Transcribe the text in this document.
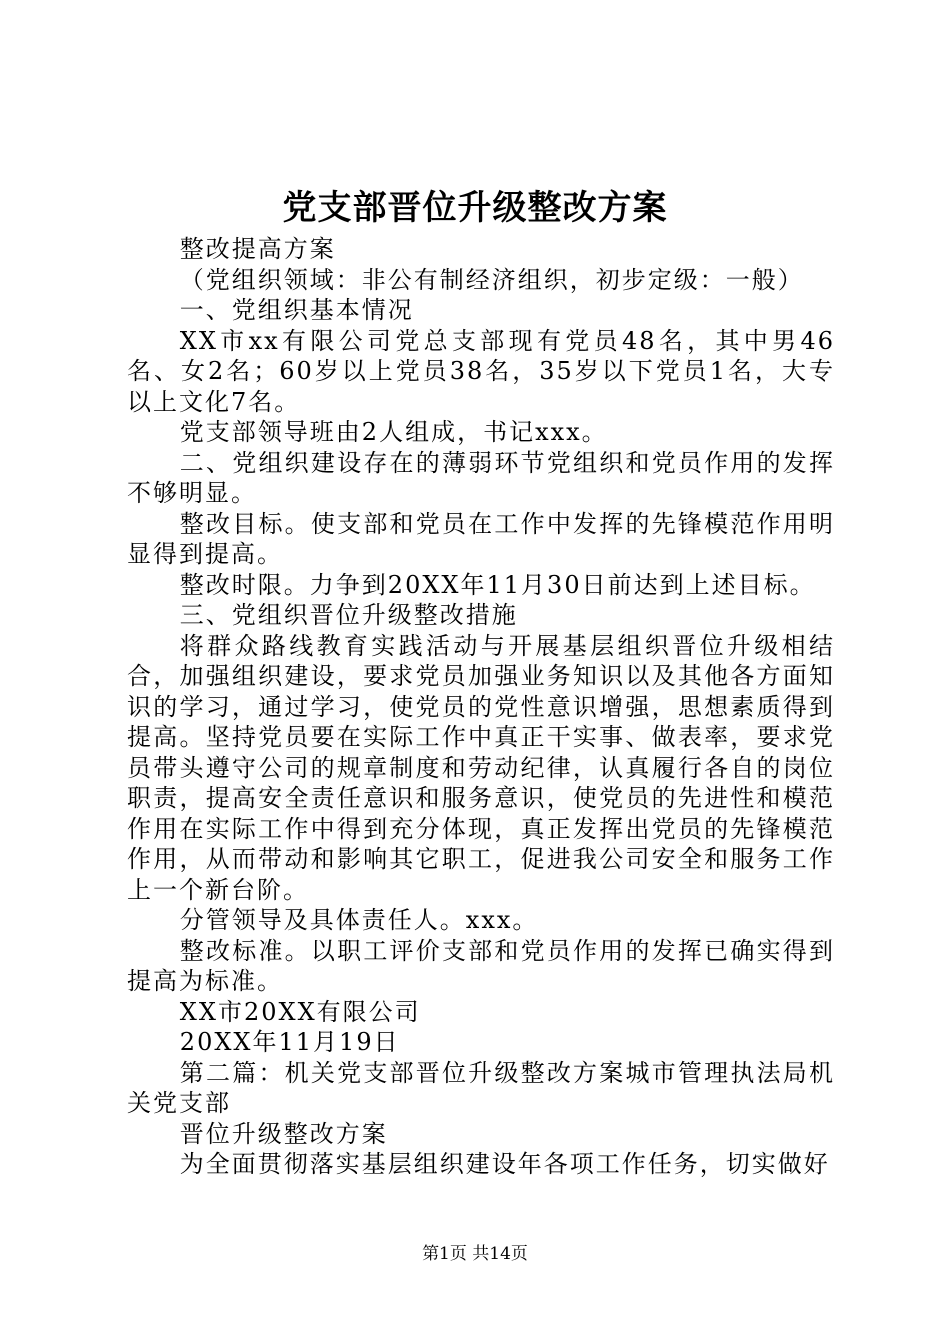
党支部晋位升级整改方案

整改提高方案

（党组织领域：非公有制经济组织，初步定级：一般）

一、党组织基本情况

XX市xx有限公司党总支部现有党员48名，其中男46名、女2名；60岁以上党员38名，35岁以下党员1名，大专以上文化7名。

党支部领导班由2人组成，书记xxx。

二、党组织建设存在的薄弱环节党组织和党员作用的发挥不够明显。

整改目标。使支部和党员在工作中发挥的先锋模范作用明显得到提高。

整改时限。力争到20XX年11月30日前达到上述目标。

三、党组织晋位升级整改措施

将群众路线教育实践活动与开展基层组织晋位升级相结合，加强组织建设，要求党员加强业务知识以及其他各方面知识的学习，通过学习，使党员的党性意识增强，思想素质得到提高。坚持党员要在实际工作中真正干实事、做表率，要求党员带头遵守公司的规章制度和劳动纪律，认真履行各自的岗位职责，提高安全责任意识和服务意识，使党员的先进性和模范作用在实际工作中得到充分体现，真正发挥出党员的先锋模范作用，从而带动和影响其它职工，促进我公司安全和服务工作上一个新台阶。

分管领导及具体责任人。xxx。

整改标准。以职工评价支部和党员作用的发挥已确实得到提高为标准。

XX市20XX有限公司

20XX年11月19日

第二篇：机关党支部晋位升级整改方案城市管理执法局机关党支部

晋位升级整改方案

为全面贯彻落实基层组织建设年各项工作任务，切实做好

第1页 共14页
